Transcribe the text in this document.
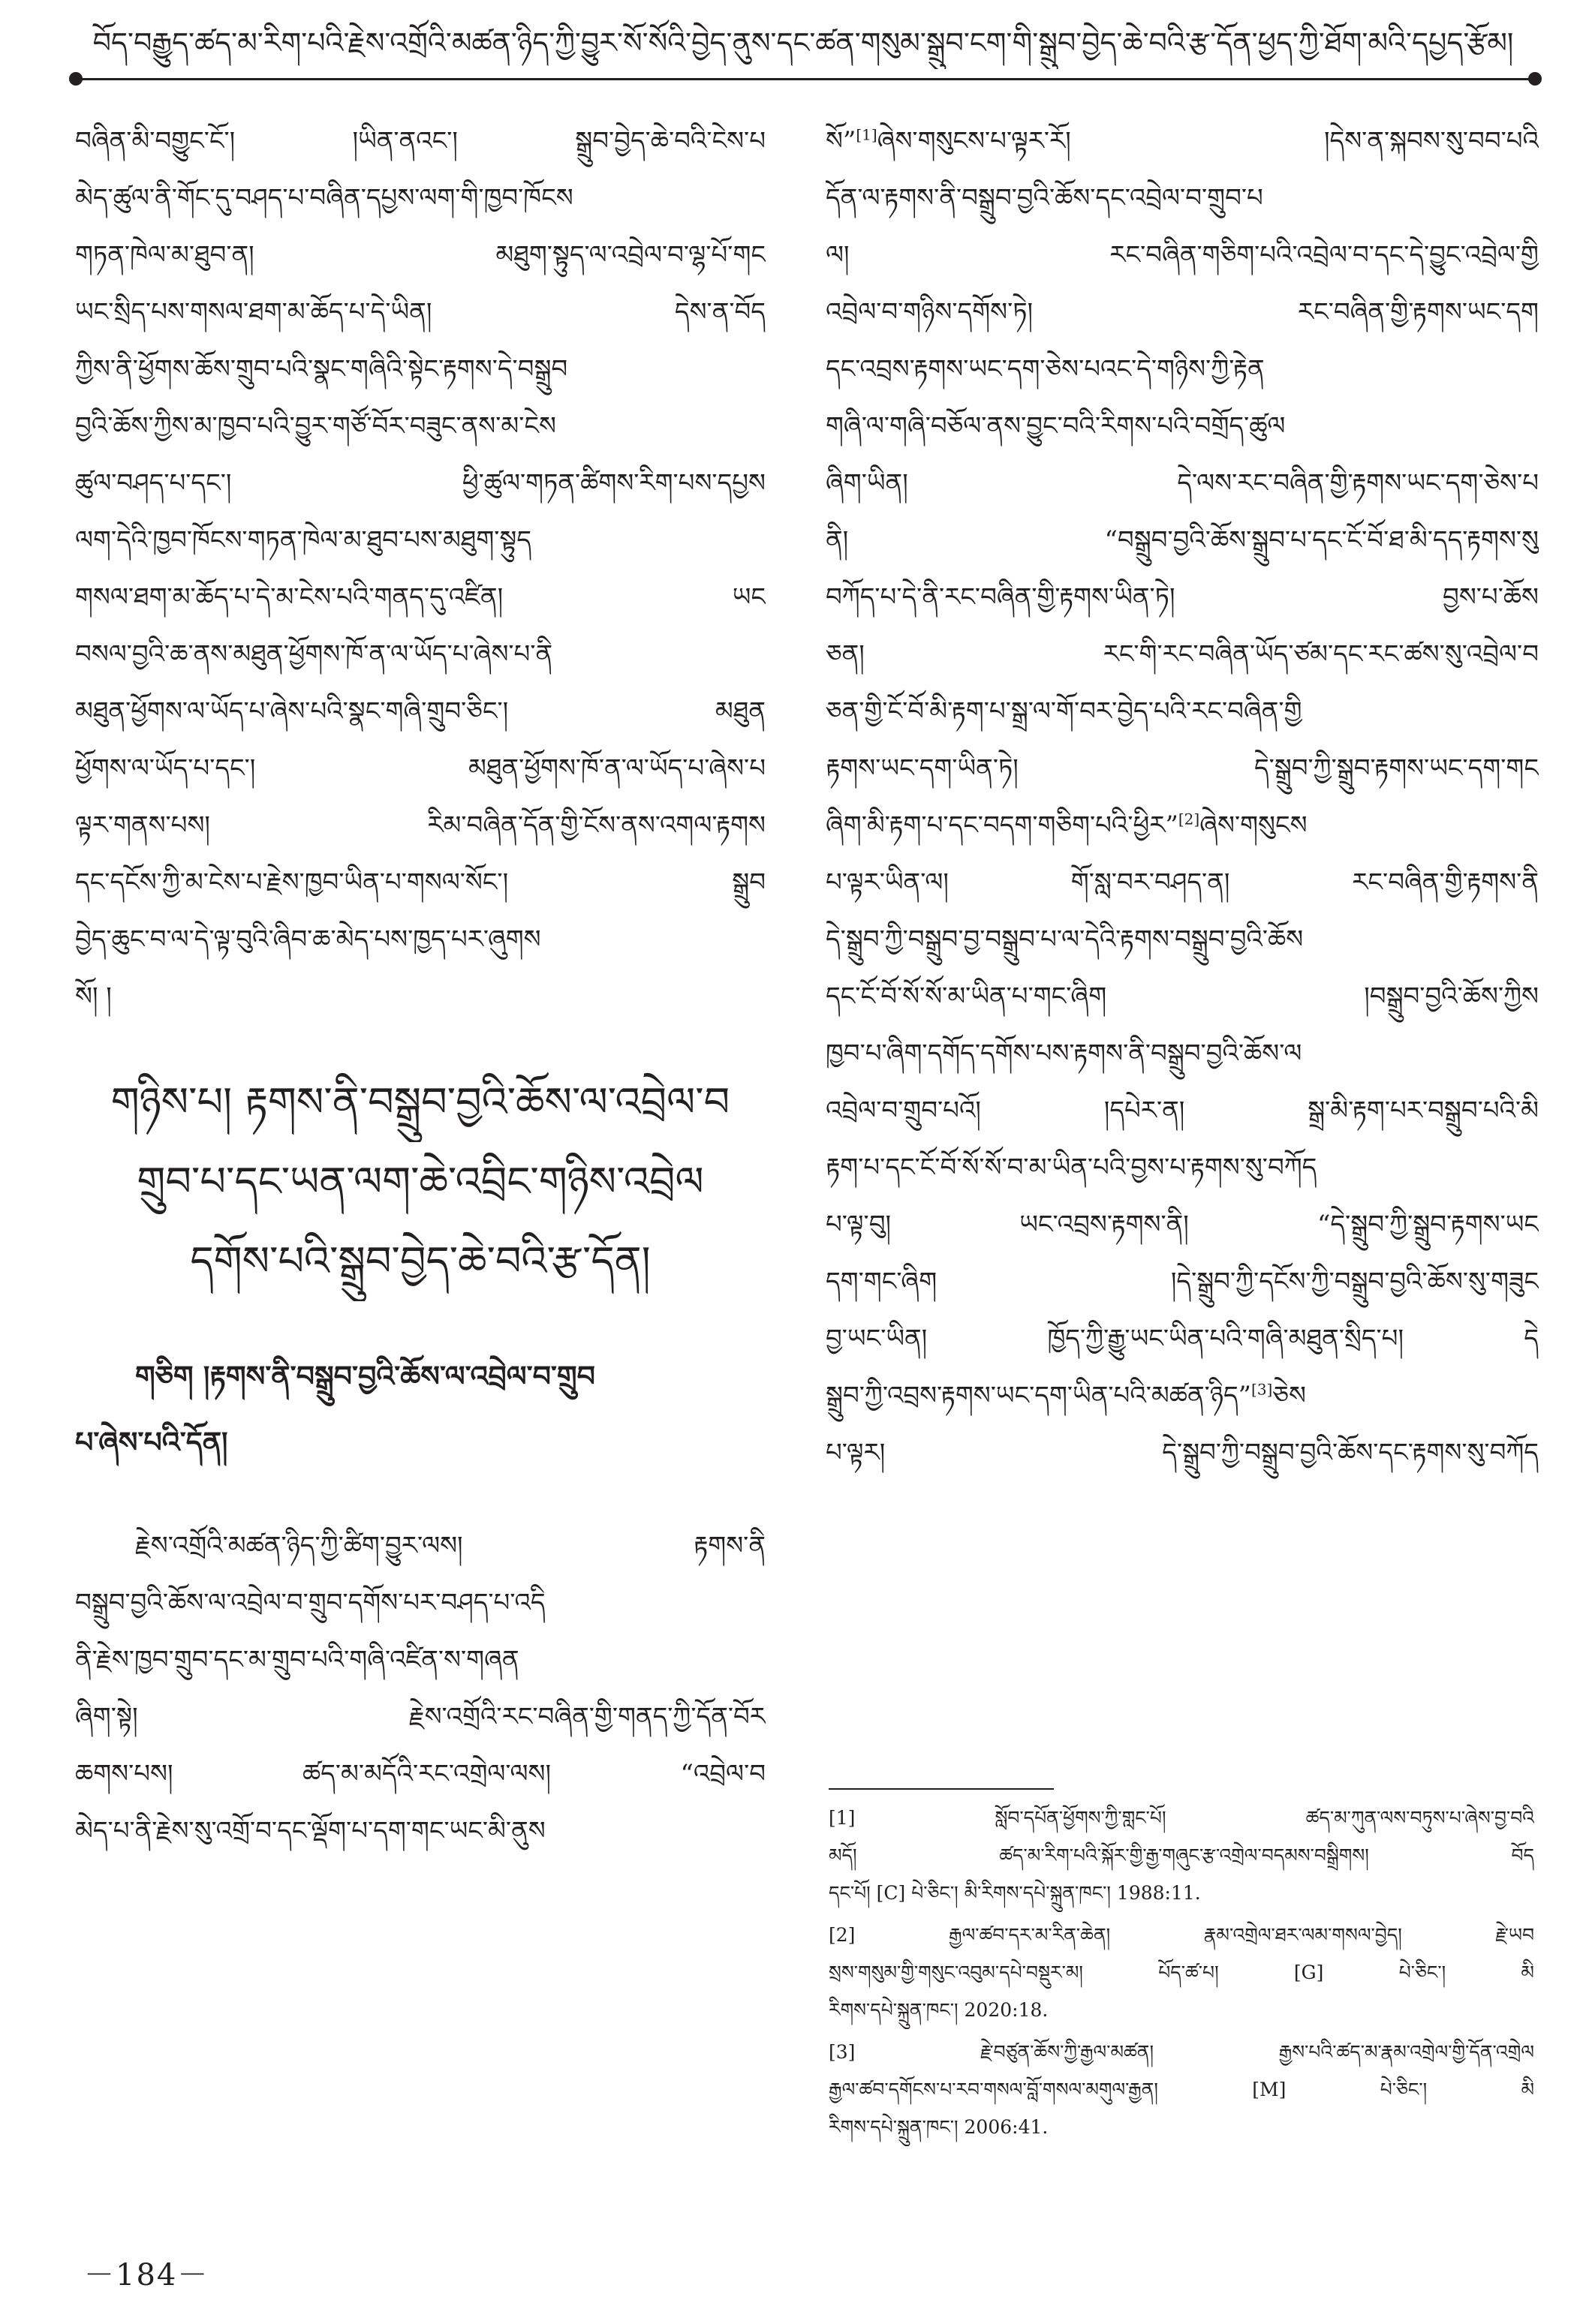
བོད་བརྒྱུད་ཚད་མ་རིག་པའི་རྗེས་འགྲོའི་མཚན་ཉིད་ཀྱི་བྱུར་སོ་སོའི་བྱེད་ནུས་དང་ཚན་གསུམ་སྒྲུབ་ངག་གི་སྒྲུབ་བྱེད་ཆེ་བའི་རྩ་དོན་ཕྱད་ཀྱི་ཐོག་མའི་དཔྱད་རྩོམ།
བཞིན་མི་བགྱུང་ངོ་། །ཡིན་ནའང་། སྒྲུབ་བྱེད་ཆེ་བའི་ངེས་པ
མེད་ཚུལ་ནི་གོང་དུ་བཤད་པ་བཞིན་དཔྱས་ལག་གི་ཁྱབ་ཁོངས
གཏན་ཁེལ་མ་ཐུབ་ན། མཐུག་སྟུད་ལ་འབྲེལ་བ་ལྷ་པོ་གང
ཡང་སྲིད་པས་གསལ་ཐག་མ་ཆོད་པ་དེ་ཡིན། དེས་ན་བོད
ཀྱིས་ནི་ཕྱོགས་ཆོས་གྲུབ་པའི་སྣང་གཞིའི་སྟེང་རྟགས་དེ་བསྒྲུབ
བྱའི་ཆོས་ཀྱིས་མ་ཁྱབ་པའི་བྱུར་གཙོ་བོར་བཟུང་ནས་མ་ངེས
ཚུལ་བཤད་པ་དང་། ཕྱི་ཚུལ་གཏན་ཚིགས་རིག་པས་དཔྱས
ལག་དེའི་ཁྱབ་ཁོངས་གཏན་ཁེལ་མ་ཐུབ་པས་མཐུག་སྟུད
གསལ་ཐག་མ་ཆོད་པ་དེ་མ་ངེས་པའི་གནད་དུ་འཛིན། ཡང
བསལ་བྱའི་ཆ་ནས་མཐུན་ཕྱོགས་ཁོ་ན་ལ་ཡོད་པ་ཞེས་པ་ནི
མཐུན་ཕྱོགས་ལ་ཡོད་པ་ཞེས་པའི་སྣང་གཞི་གྲུབ་ཅིང་། མཐུན
ཕྱོགས་ལ་ཡོད་པ་དང་། མཐུན་ཕྱོགས་ཁོ་ན་ལ་ཡོད་པ་ཞེས་པ
ལྟར་གནས་པས། རིམ་བཞིན་དོན་གྱི་ངོས་ནས་འགལ་རྟགས
དང་དངོས་ཀྱི་མ་ངེས་པ་རྗེས་ཁྱབ་ཡིན་པ་གསལ་སོང་། སྒྲུབ
བྱེད་ཆུང་བ་ལ་དེ་ལྟ་བུའི་ཞིབ་ཆ་མེད་པས་ཁྱད་པར་ཞུགས
སོ། །
གཉིས་པ། རྟགས་ནི་བསྒྲུབ་བྱའི་ཆོས་ལ་འབྲེལ་བ
གྲུབ་པ་དང་ཡན་ལག་ཆེ་འབྲིང་གཉིས་འབྲེལ
དགོས་པའི་སྒྲུབ་བྱེད་ཆེ་བའི་རྩ་དོན།
གཅིག །རྟགས་ནི་བསྒྲུབ་བྱའི་ཆོས་ལ་འབྲེལ་བ་གྲུབ
པ་ཞེས་པའི་དོན།
རྗེས་འགྲོའི་མཚན་ཉིད་ཀྱི་ཚིག་བྱུར་ལས། རྟགས་ནི
བསྒྲུབ་བྱའི་ཆོས་ལ་འབྲེལ་བ་གྲུབ་དགོས་པར་བཤད་པ་འདི
ནི་རྗེས་ཁྱབ་གྲུབ་དང་མ་གྲུབ་པའི་གཞི་འཛིན་ས་གཞན
ཞིག་སྟེ། རྗེས་འགྲོའི་རང་བཞིན་གྱི་གནད་ཀྱི་དོན་བོར
ཆགས་པས། ཚད་མ་མདོའི་རང་འགྲེལ་ལས། “འབྲེལ་བ
མེད་པ་ནི་རྗེས་སུ་འགྲོ་བ་དང་ལྡོག་པ་དག་གང་ཡང་མི་ནུས
སོ”[1]ཞེས་གསུངས་པ་ལྟར་རོ། །དེས་ན་སྐབས་སུ་བབ་པའི
དོན་ལ་རྟགས་ནི་བསྒྲུབ་བྱའི་ཆོས་དང་འབྲེལ་བ་གྲུབ་པ
ལ། རང་བཞིན་གཅིག་པའི་འབྲེལ་བ་དང་དེ་བྱུང་འབྲེལ་གྱི
འབྲེལ་བ་གཉིས་དགོས་ཏེ། རང་བཞིན་གྱི་རྟགས་ཡང་དག
དང་འབྲས་རྟགས་ཡང་དག་ཅེས་པའང་དེ་གཉིས་ཀྱི་རྟེན
གཞི་ལ་གཞི་བཅོལ་ནས་བྱུང་བའི་རིགས་པའི་བགྲོད་ཚུལ
ཞིག་ཡིན། དེ་ལས་རང་བཞིན་གྱི་རྟགས་ཡང་དག་ཅེས་པ
ནི། “བསྒྲུབ་བྱའི་ཆོས་སྒྲུབ་པ་དང་ངོ་བོ་ཐ་མི་དད་རྟགས་སུ
བཀོད་པ་དེ་ནི་རང་བཞིན་གྱི་རྟགས་ཡིན་ཏེ། བྱས་པ་ཆོས
ཅན། རང་གི་རང་བཞིན་ཡོད་ཙམ་དང་རང་ཚས་སུ་འབྲེལ་བ
ཅན་གྱི་ངོ་བོ་མི་རྟག་པ་སྒྲ་ལ་གོ་བར་བྱེད་པའི་རང་བཞིན་གྱི
རྟགས་ཡང་དག་ཡིན་ཏེ། དེ་སྒྲུབ་ཀྱི་སྒྲུབ་རྟགས་ཡང་དག་གང
ཞིག་མི་རྟག་པ་དང་བདག་གཅིག་པའི་ཕྱིར”[2]ཞེས་གསུངས
པ་ལྟར་ཡིན་ལ། གོ་སླ་བར་བཤད་ན། རང་བཞིན་གྱི་རྟགས་ནི
དེ་སྒྲུབ་ཀྱི་བསྒྲུབ་བྱ་བསྒྲུབ་པ་ལ་དེའི་རྟགས་བསྒྲུབ་བྱའི་ཆོས
དང་ངོ་བོ་སོ་སོ་མ་ཡིན་པ་གང་ཞིག །བསྒྲུབ་བྱའི་ཆོས་ཀྱིས
ཁྱབ་པ་ཞིག་དགོད་དགོས་པས་རྟགས་ནི་བསྒྲུབ་བྱའི་ཆོས་ལ
འབྲེལ་བ་གྲུབ་པའོ། །དཔེར་ན། སྒྲ་མི་རྟག་པར་བསྒྲུབ་པའི་མི
རྟག་པ་དང་ངོ་བོ་སོ་སོ་བ་མ་ཡིན་པའི་བྱས་པ་རྟགས་སུ་བཀོད
པ་ལྟ་བུ། ཡང་འབྲས་རྟགས་ནི། “དེ་སྒྲུབ་ཀྱི་སྒྲུབ་རྟགས་ཡང
དག་གང་ཞིག །དེ་སྒྲུབ་ཀྱི་དངོས་ཀྱི་བསྒྲུབ་བྱའི་ཆོས་སུ་གཟུང
བྱ་ཡང་ཡིན། ཁྱོད་ཀྱི་རྒྱུ་ཡང་ཡིན་པའི་གཞི་མཐུན་སྲིད་པ། དེ
སྒྲུབ་ཀྱི་འབྲས་རྟགས་ཡང་དག་ཡིན་པའི་མཚན་ཉིད”[3]ཅེས
པ་ལྟར། དེ་སྒྲུབ་ཀྱི་བསྒྲུབ་བྱའི་ཆོས་དང་རྟགས་སུ་བཀོད
[1] སློབ་དཔོན་ཕྱོགས་ཀྱི་གླང་པོ། ཚད་མ་ཀུན་ལས་བཏུས་པ་ཞེས་བྱ་བའི
མདོ། ཚད་མ་རིག་པའི་སྐོར་གྱི་རྒྱ་གཞུང་རྩ་འགྲེལ་བདམས་བསྒྲིགས། བོད
དང་པོ། [C] པེ་ཅིང་། མི་རིགས་དཔེ་སྐྲུན་ཁང་། 1988:11.
[2] རྒྱལ་ཚབ་དར་མ་རིན་ཆེན། རྣམ་འགྲེལ་ཐར་ལམ་གསལ་བྱེད། རྗེ་ཡབ
སྲས་གསུམ་གྱི་གསུང་འབུམ་དཔེ་བསྡུར་མ། པོད་ཚ་པ། [G] པེ་ཅིང་། མི
རིགས་དཔེ་སྐྲུན་ཁང་། 2020:18.
[3] རྗེ་བཙུན་ཆོས་ཀྱི་རྒྱལ་མཚན། རྒྱས་པའི་ཚད་མ་རྣམ་འགྲེལ་གྱི་དོན་འགྲེལ
རྒྱལ་ཚབ་དགོངས་པ་རབ་གསལ་བློ་གསལ་མགུལ་རྒྱན། [M] པེ་ཅིང་། མི
རིགས་དཔེ་སྐྲུན་ཁང་། 2006:41.
－184－
